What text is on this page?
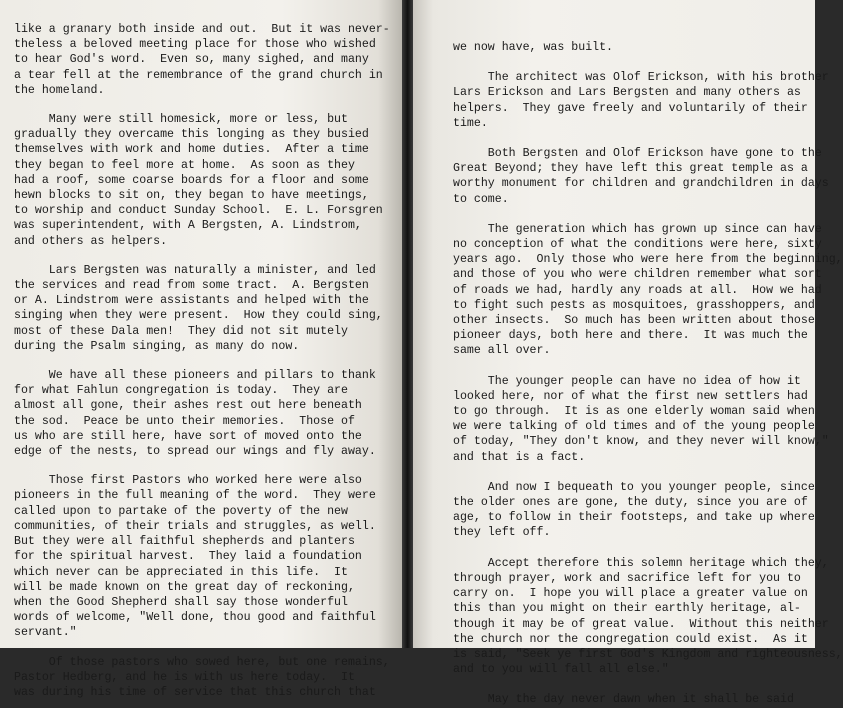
like a granary both inside and out.  But it was never-
theless a beloved meeting place for those who wished
to hear God's word.  Even so, many sighed, and many
a tear fell at the remembrance of the grand church in
the homeland.

Many were still homesick, more or less, but
gradually they overcame this longing as they busied
themselves with work and home duties.  After a time
they began to feel more at home.  As soon as they
had a roof, some coarse boards for a floor and some
hewn blocks to sit on, they began to have meetings,
to worship and conduct Sunday School.  E. L. Forsgren
was superintendent, with A Bergsten, A. Lindstrom,
and others as helpers.

Lars Bergsten was naturally a minister, and led
the services and read from some tract.  A. Bergsten
or A. Lindstrom were assistants and helped with the
singing when they were present.  How they could sing,
most of these Dala men!  They did not sit mutely
during the Psalm singing, as many do now.

We have all these pioneers and pillars to thank
for what Fahlun congregation is today.  They are
almost all gone, their ashes rest out here beneath
the sod.  Peace be unto their memories.  Those of
us who are still here, have sort of moved onto the
edge of the nests, to spread our wings and fly away.

Those first Pastors who worked here were also
pioneers in the full meaning of the word.  They were
called upon to partake of the poverty of the new
communities, of their trials and struggles, as well.
But they were all faithful shepherds and planters
for the spiritual harvest.  They laid a foundation
which never can be appreciated in this life.  It
will be made known on the great day of reckoning,
when the Good Shepherd shall say those wonderful
words of welcome, "Well done, thou good and faithful
servant."

Of those pastors who sowed here, but one remains,
Pastor Hedberg, and he is with us here today.  It
was during his time of service that this church that

we now have, was built.

The architect was Olof Erickson, with his brother
Lars Erickson and Lars Bergsten and many others as
helpers.  They gave freely and voluntarily of their
time.

Both Bergsten and Olof Erickson have gone to the
Great Beyond; they have left this great temple as a
worthy monument for children and grandchildren in days
to come.

The generation which has grown up since can have
no conception of what the conditions were here, sixty
years ago.  Only those who were here from the beginning,
and those of you who were children remember what sort
of roads we had, hardly any roads at all.  How we had
to fight such pests as mosquitoes, grasshoppers, and
other insects.  So much has been written about those
pioneer days, both here and there.  It was much the
same all over.

The younger people can have no idea of how it
looked here, nor of what the first new settlers had
to go through.  It is as one elderly woman said when
we were talking of old times and of the young people
of today, "They don't know, and they never will know,"
and that is a fact.

And now I bequeath to you younger people, since
the older ones are gone, the duty, since you are of
age, to follow in their footsteps, and take up where
they left off.

Accept therefore this solemn heritage which they,
through prayer, work and sacrifice left for you to
carry on.  I hope you will place a greater value on
this than you might on their earthly heritage, al-
though it may be of great value.  Without this neither
the church nor the congregation could exist.  As it
is said, "Seek ye first God's Kingdom and righteousness,
and to you will fall all else."

May the day never dawn when it shall be said
